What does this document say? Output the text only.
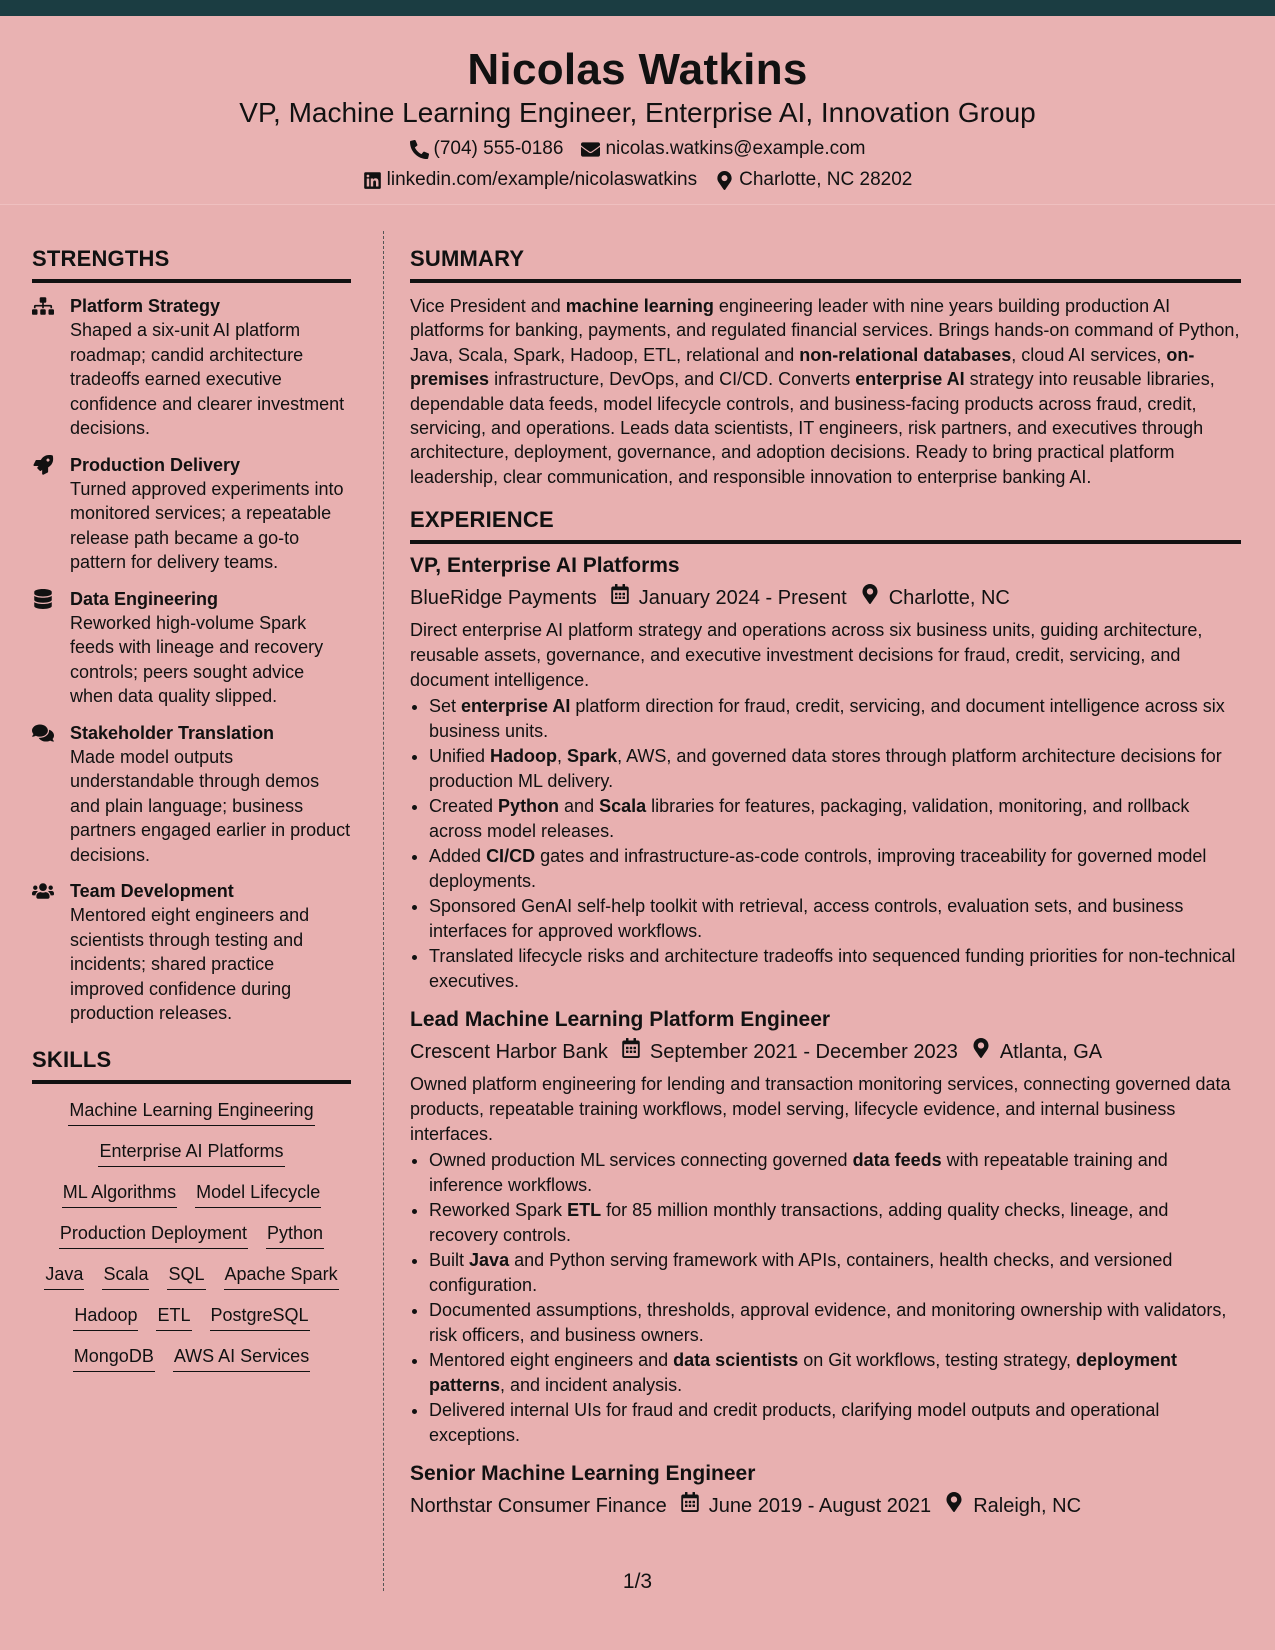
Nicolas Watkins
VP, Machine Learning Engineer, Enterprise AI, Innovation Group
(704) 555-0186 nicolas.watkins@example.com
linkedin.com/example/nicolaswatkins Charlotte, NC 28202
STRENGTHS
Platform Strategy
Shaped a six-unit AI platform roadmap; candid architecture tradeoffs earned executive confidence and clearer investment decisions.
Production Delivery
Turned approved experiments into monitored services; a repeatable release path became a go-to pattern for delivery teams.
Data Engineering
Reworked high-volume Spark feeds with lineage and recovery controls; peers sought advice when data quality slipped.
Stakeholder Translation
Made model outputs understandable through demos and plain language; business partners engaged earlier in product decisions.
Team Development
Mentored eight engineers and scientists through testing and incidents; shared practice improved confidence during production releases.
SKILLS
Machine Learning Engineering
Enterprise AI Platforms
ML Algorithms Model Lifecycle
Production Deployment Python
Java Scala SQL Apache Spark
Hadoop ETL PostgreSQL
MongoDB AWS AI Services
SUMMARY

Vice President and machine learning engineering leader with nine years building production AI platforms for banking, payments, and regulated financial services. Brings hands-on command of Python, Java, Scala, Spark, Hadoop, ETL, relational and non-relational databases, cloud AI services, on-premises infrastructure, DevOps, and CI/CD. Converts enterprise AI strategy into reusable libraries, dependable data feeds, model lifecycle controls, and business-facing products across fraud, credit, servicing, and operations. Leads data scientists, IT engineers, risk partners, and executives through architecture, deployment, governance, and adoption decisions. Ready to bring practical platform leadership, clear communication, and responsible innovation to enterprise banking AI.

EXPERIENCE
VP, Enterprise AI Platforms
BlueRidge Payments January 2024 - Present Charlotte, NC
Direct enterprise AI platform strategy and operations across six business units, guiding architecture, reusable assets, governance, and executive investment decisions for fraud, credit, servicing, and document intelligence.
• Set enterprise AI platform direction for fraud, credit, servicing, and document intelligence across six business units.
• Unified Hadoop, Spark, AWS, and governed data stores through platform architecture decisions for production ML delivery.
• Created Python and Scala libraries for features, packaging, validation, monitoring, and rollback across model releases.
• Added CI/CD gates and infrastructure-as-code controls, improving traceability for governed model deployments.
• Sponsored GenAI self-help toolkit with retrieval, access controls, evaluation sets, and business interfaces for approved workflows.
• Translated lifecycle risks and architecture tradeoffs into sequenced funding priorities for non-technical executives.
Lead Machine Learning Platform Engineer
Crescent Harbor Bank September 2021 - December 2023 Atlanta, GA
Owned platform engineering for lending and transaction monitoring services, connecting governed data products, repeatable training workflows, model serving, lifecycle evidence, and internal business interfaces.
• Owned production ML services connecting governed data feeds with repeatable training and inference workflows.
• Reworked Spark ETL for 85 million monthly transactions, adding quality checks, lineage, and recovery controls.
• Built Java and Python serving framework with APIs, containers, health checks, and versioned configuration.
• Documented assumptions, thresholds, approval evidence, and monitoring ownership with validators, risk officers, and business owners.
• Mentored eight engineers and data scientists on Git workflows, testing strategy, deployment patterns, and incident analysis.
• Delivered internal UIs for fraud and credit products, clarifying model outputs and operational exceptions.
Senior Machine Learning Engineer
Northstar Consumer Finance June 2019 - August 2021 Raleigh, NC
1/3
